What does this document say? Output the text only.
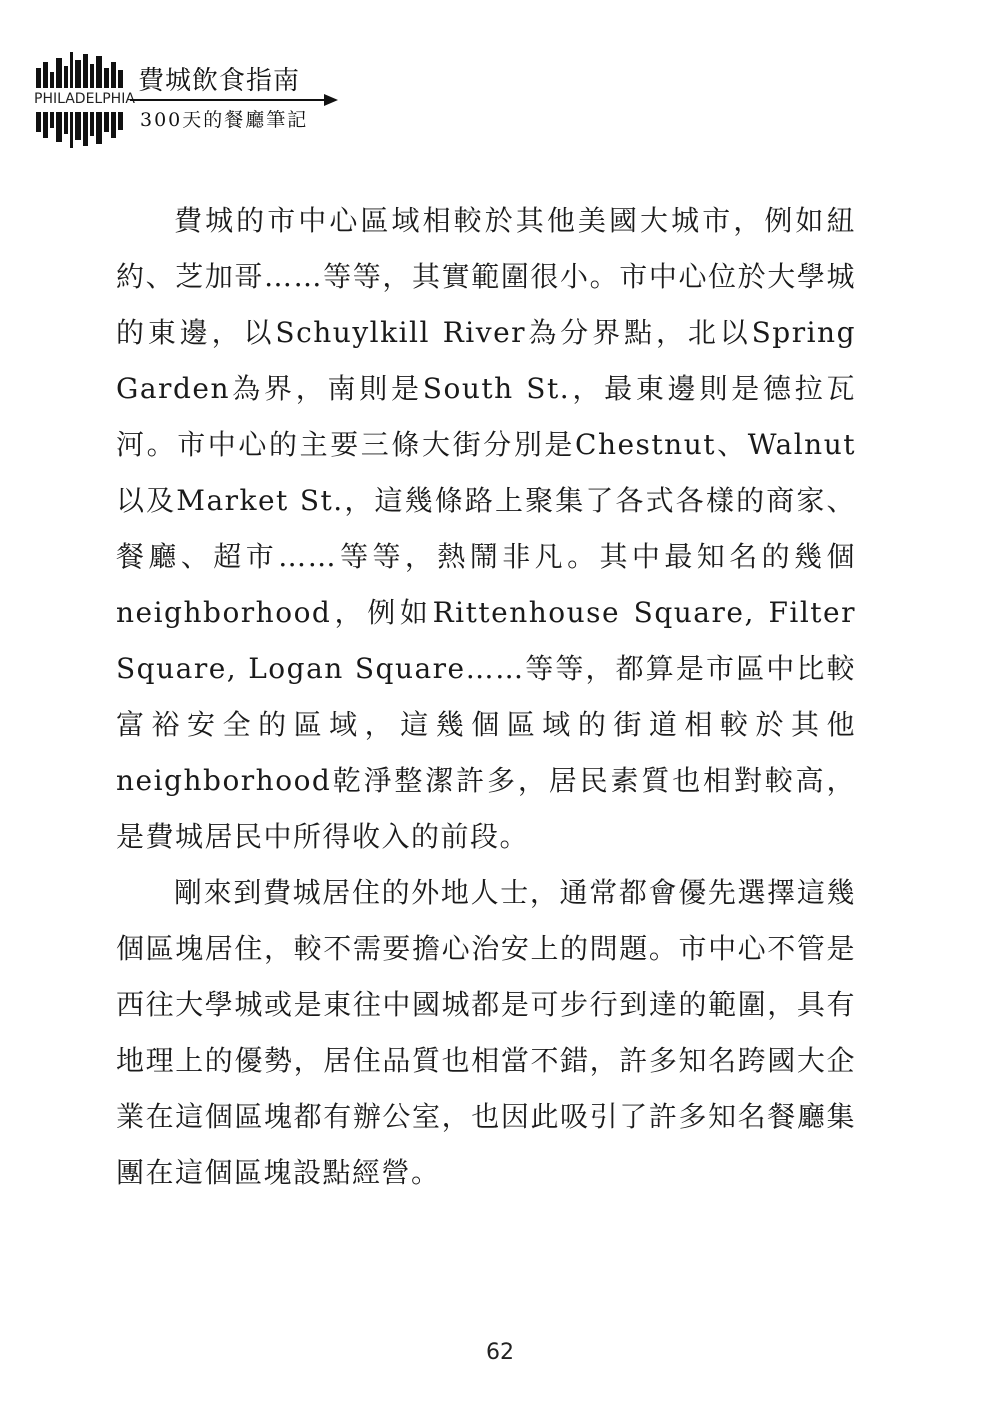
PHILADELPHIA
費城飲食指南
300天的餐廳筆記

費城的市中心區域相較於其他美國大城市，例如紐約、芝加哥……等等，其實範圍很小。市中心位於大學城的東邊，以Schuylkill River為分界點，北以Spring Garden為界，南則是South St.，最東邊則是德拉瓦河。市中心的主要三條大街分別是Chestnut、Walnut以及Market St.，這幾條路上聚集了各式各樣的商家、餐廳、超市……等等，熱鬧非凡。其中最知名的幾個neighborhood，例如Rittenhouse Square, Filter Square, Logan Square……等等，都算是市區中比較富裕安全的區域，這幾個區域的街道相較於其他neighborhood乾淨整潔許多，居民素質也相對較高，是費城居民中所得收入的前段。

剛來到費城居住的外地人士，通常都會優先選擇這幾個區塊居住，較不需要擔心治安上的問題。市中心不管是西往大學城或是東往中國城都是可步行到達的範圍，具有地理上的優勢，居住品質也相當不錯，許多知名跨國大企業在這個區塊都有辦公室，也因此吸引了許多知名餐廳集團在這個區塊設點經營。

62
